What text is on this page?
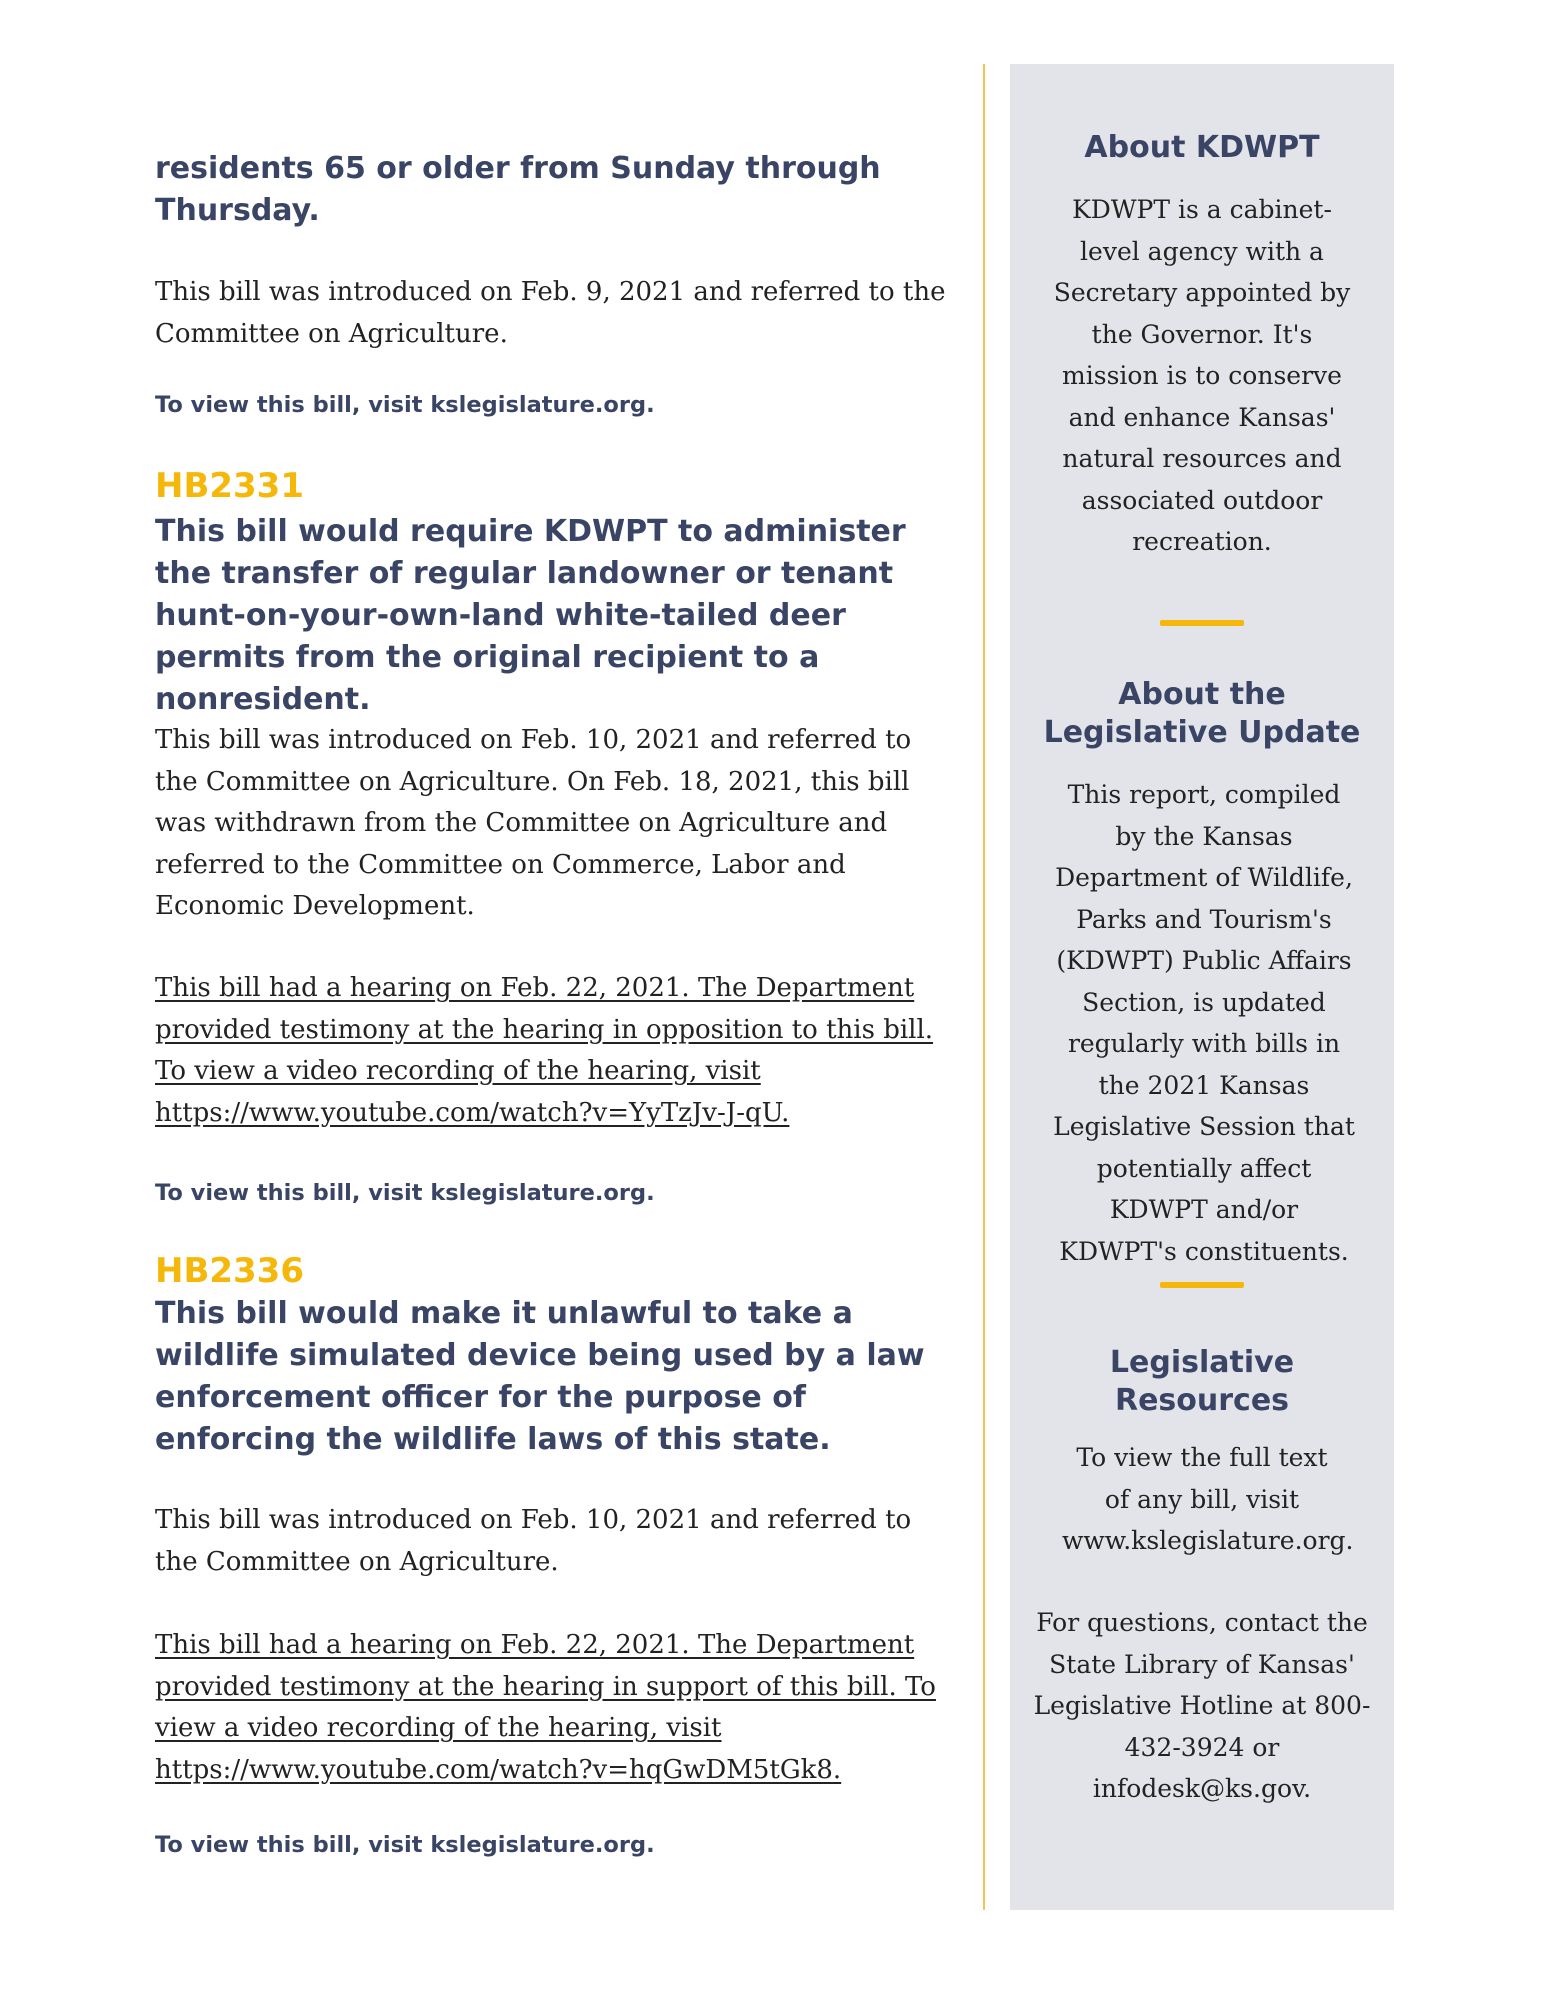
residents 65 or older from Sunday through Thursday.

This bill was introduced on Feb. 9, 2021 and referred to the Committee on Agriculture.

To view this bill, visit kslegislature.org.

HB2331

This bill would require KDWPT to administer the transfer of regular landowner or tenant hunt-on-your-own-land white-tailed deer permits from the original recipient to a nonresident.

This bill was introduced on Feb. 10, 2021 and referred to the Committee on Agriculture. On Feb. 18, 2021, this bill was withdrawn from the Committee on Agriculture and referred to the Committee on Commerce, Labor and Economic Development.

This bill had a hearing on Feb. 22, 2021. The Department provided testimony at the hearing in opposition to this bill. To view a video recording of the hearing, visit https://www.youtube.com/watch?v=YyTzJv-J-qU.

To view this bill, visit kslegislature.org.

HB2336

This bill would make it unlawful to take a wildlife simulated device being used by a law enforcement officer for the purpose of enforcing the wildlife laws of this state.

This bill was introduced on Feb. 10, 2021 and referred to the Committee on Agriculture.

This bill had a hearing on Feb. 22, 2021. The Department provided testimony at the hearing in support of this bill. To view a video recording of the hearing, visit https://www.youtube.com/watch?v=hqGwDM5tGk8.

To view this bill, visit kslegislature.org.

About KDWPT

KDWPT is a cabinet-level agency with a Secretary appointed by the Governor. It's mission is to conserve and enhance Kansas' natural resources and associated outdoor recreation.

About the Legislative Update

This report, compiled by the Kansas Department of Wildlife, Parks and Tourism's (KDWPT) Public Affairs Section, is updated regularly with bills in the 2021 Kansas Legislative Session that potentially affect KDWPT and/or KDWPT's constituents.

Legislative Resources

To view the full text of any bill, visit www.kslegislature.org.

For questions, contact the State Library of Kansas' Legislative Hotline at 800-432-3924 or infodesk@ks.gov.
